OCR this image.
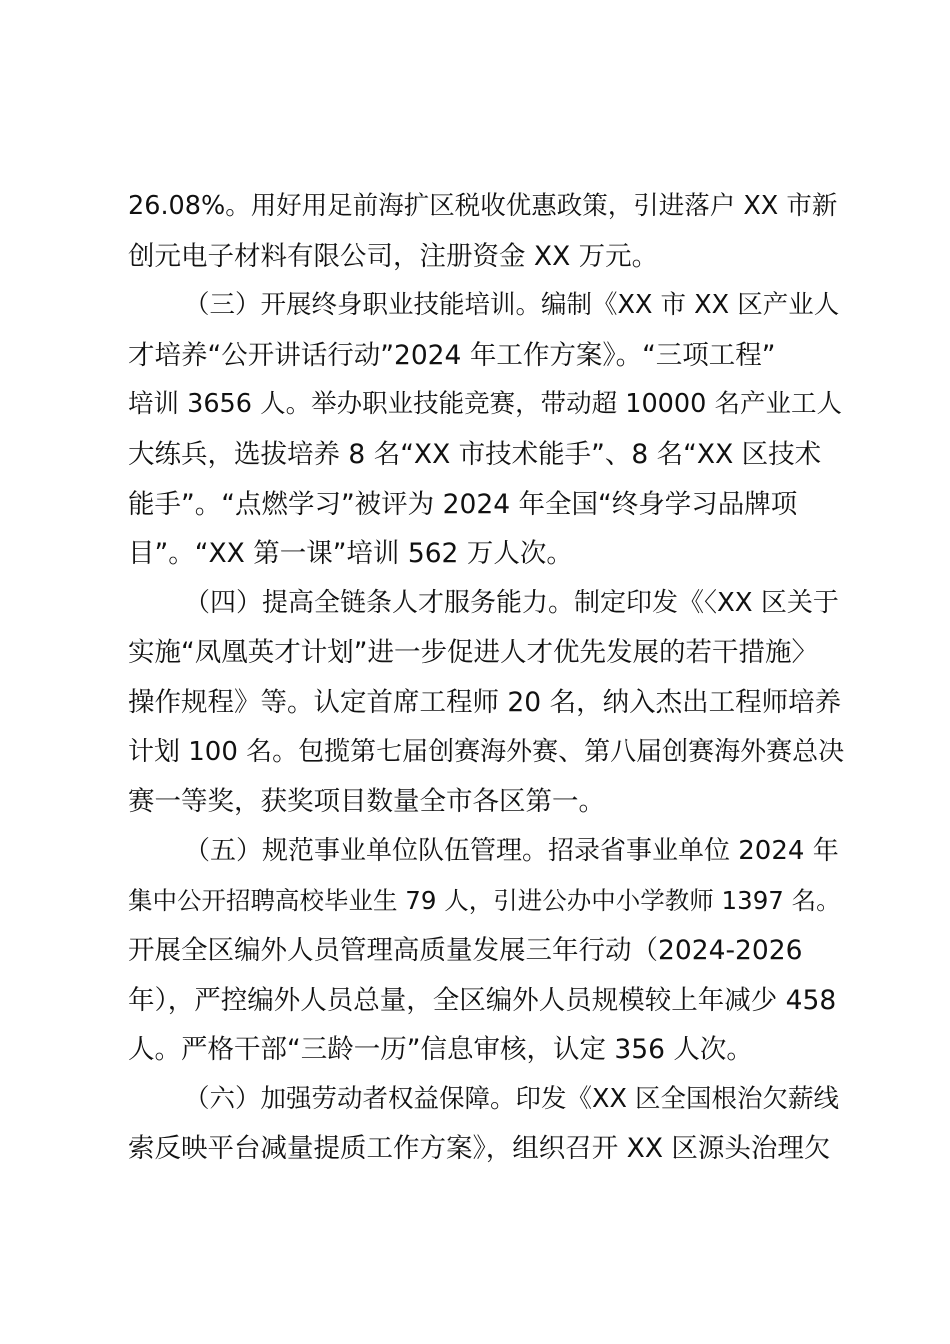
26.08%。用好用足前海扩区税收优惠政策，引进落户 XX 市新
创元电子材料有限公司，注册资金 XX 万元。
（三）开展终身职业技能培训。编制《XX 市 XX 区产业人
才培养“公开讲话行动”2024 年工作方案》。“三项工程”
培训 3656 人。举办职业技能竞赛，带动超 10000 名产业工人
大练兵，选拔培养 8 名“XX 市技术能手”、8 名“XX 区技术
能手”。“点燃学习”被评为 2024 年全国“终身学习品牌项
目”。“XX 第一课”培训 562 万人次。
（四）提高全链条人才服务能力。制定印发《〈XX 区关于
实施“凤凰英才计划”进一步促进人才优先发展的若干措施〉
操作规程》等。认定首席工程师 20 名，纳入杰出工程师培养
计划 100 名。包揽第七届创赛海外赛、第八届创赛海外赛总决
赛一等奖，获奖项目数量全市各区第一。
（五）规范事业单位队伍管理。招录省事业单位 2024 年
集中公开招聘高校毕业生 79 人，引进公办中小学教师 1397 名。
开展全区编外人员管理高质量发展三年行动（2024-2026
年），严控编外人员总量，全区编外人员规模较上年减少 458
人。严格干部“三龄一历”信息审核，认定 356 人次。
（六）加强劳动者权益保障。印发《XX 区全国根治欠薪线
索反映平台减量提质工作方案》，组织召开 XX 区源头治理欠
